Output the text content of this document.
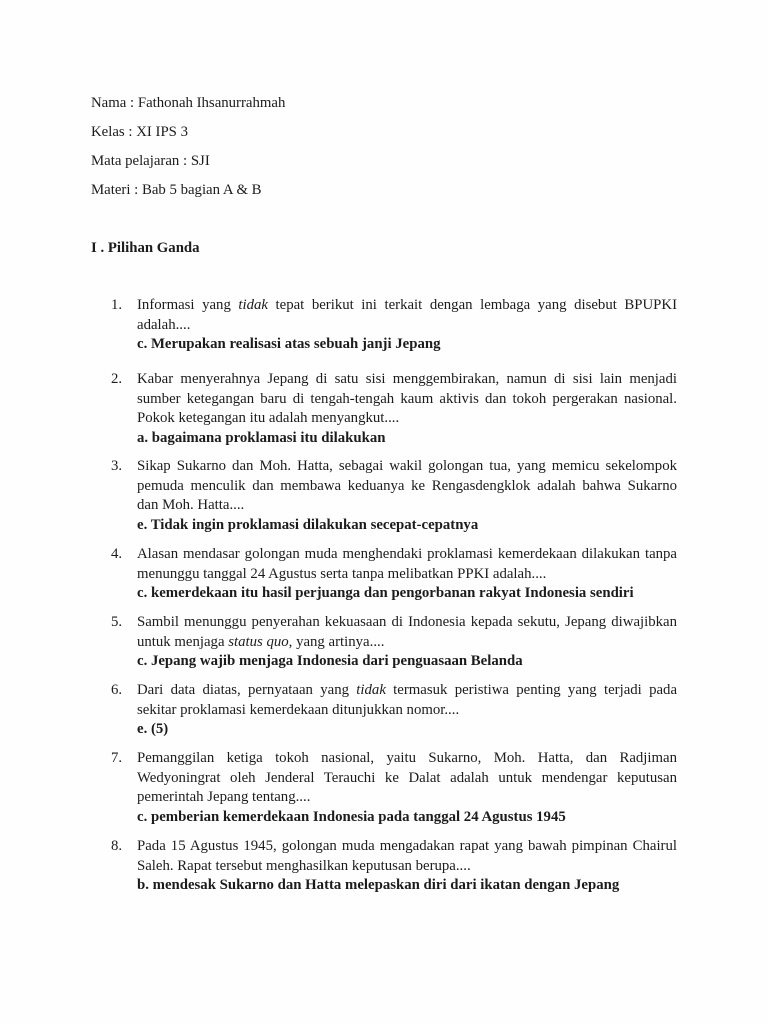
Nama : Fathonah Ihsanurrahmah
Kelas : XI IPS 3
Mata pelajaran : SJI
Materi : Bab 5 bagian A & B
I . Pilihan Ganda
1. Informasi yang tidak tepat berikut ini terkait dengan lembaga yang disebut BPUPKI
adalah....
c. Merupakan realisasi atas sebuah janji Jepang
2. Kabar menyerahnya Jepang di satu sisi menggembirakan, namun di sisi lain menjadi
sumber ketegangan baru di tengah-tengah kaum aktivis dan tokoh pergerakan nasional.
Pokok ketegangan itu adalah menyangkut....
a. bagaimana proklamasi itu dilakukan
3. Sikap Sukarno dan Moh. Hatta, sebagai wakil golongan tua, yang memicu sekelompok
pemuda menculik dan membawa keduanya ke Rengasdengklok adalah bahwa Sukarno
dan Moh. Hatta....
e. Tidak ingin proklamasi dilakukan secepat-cepatnya
4. Alasan mendasar golongan muda menghendaki proklamasi kemerdekaan dilakukan tanpa
menunggu tanggal 24 Agustus serta tanpa melibatkan PPKI adalah....
c. kemerdekaan itu hasil perjuanga dan pengorbanan rakyat Indonesia sendiri
5. Sambil menunggu penyerahan kekuasaan di Indonesia kepada sekutu, Jepang diwajibkan
untuk menjaga status quo, yang artinya....
c. Jepang wajib menjaga Indonesia dari penguasaan Belanda
6. Dari data diatas, pernyataan yang tidak termasuk peristiwa penting yang terjadi pada
sekitar proklamasi kemerdekaan ditunjukkan nomor....
e. (5)
7. Pemanggilan ketiga tokoh nasional, yaitu Sukarno, Moh. Hatta, dan Radjiman
Wedyoningrat oleh Jenderal Terauchi ke Dalat adalah untuk mendengar keputusan
pemerintah Jepang tentang....
c. pemberian kemerdekaan Indonesia pada tanggal 24 Agustus 1945
8. Pada 15 Agustus 1945, golongan muda mengadakan rapat yang bawah pimpinan Chairul
Saleh. Rapat tersebut menghasilkan keputusan berupa....
b. mendesak Sukarno dan Hatta melepaskan diri dari ikatan dengan Jepang
